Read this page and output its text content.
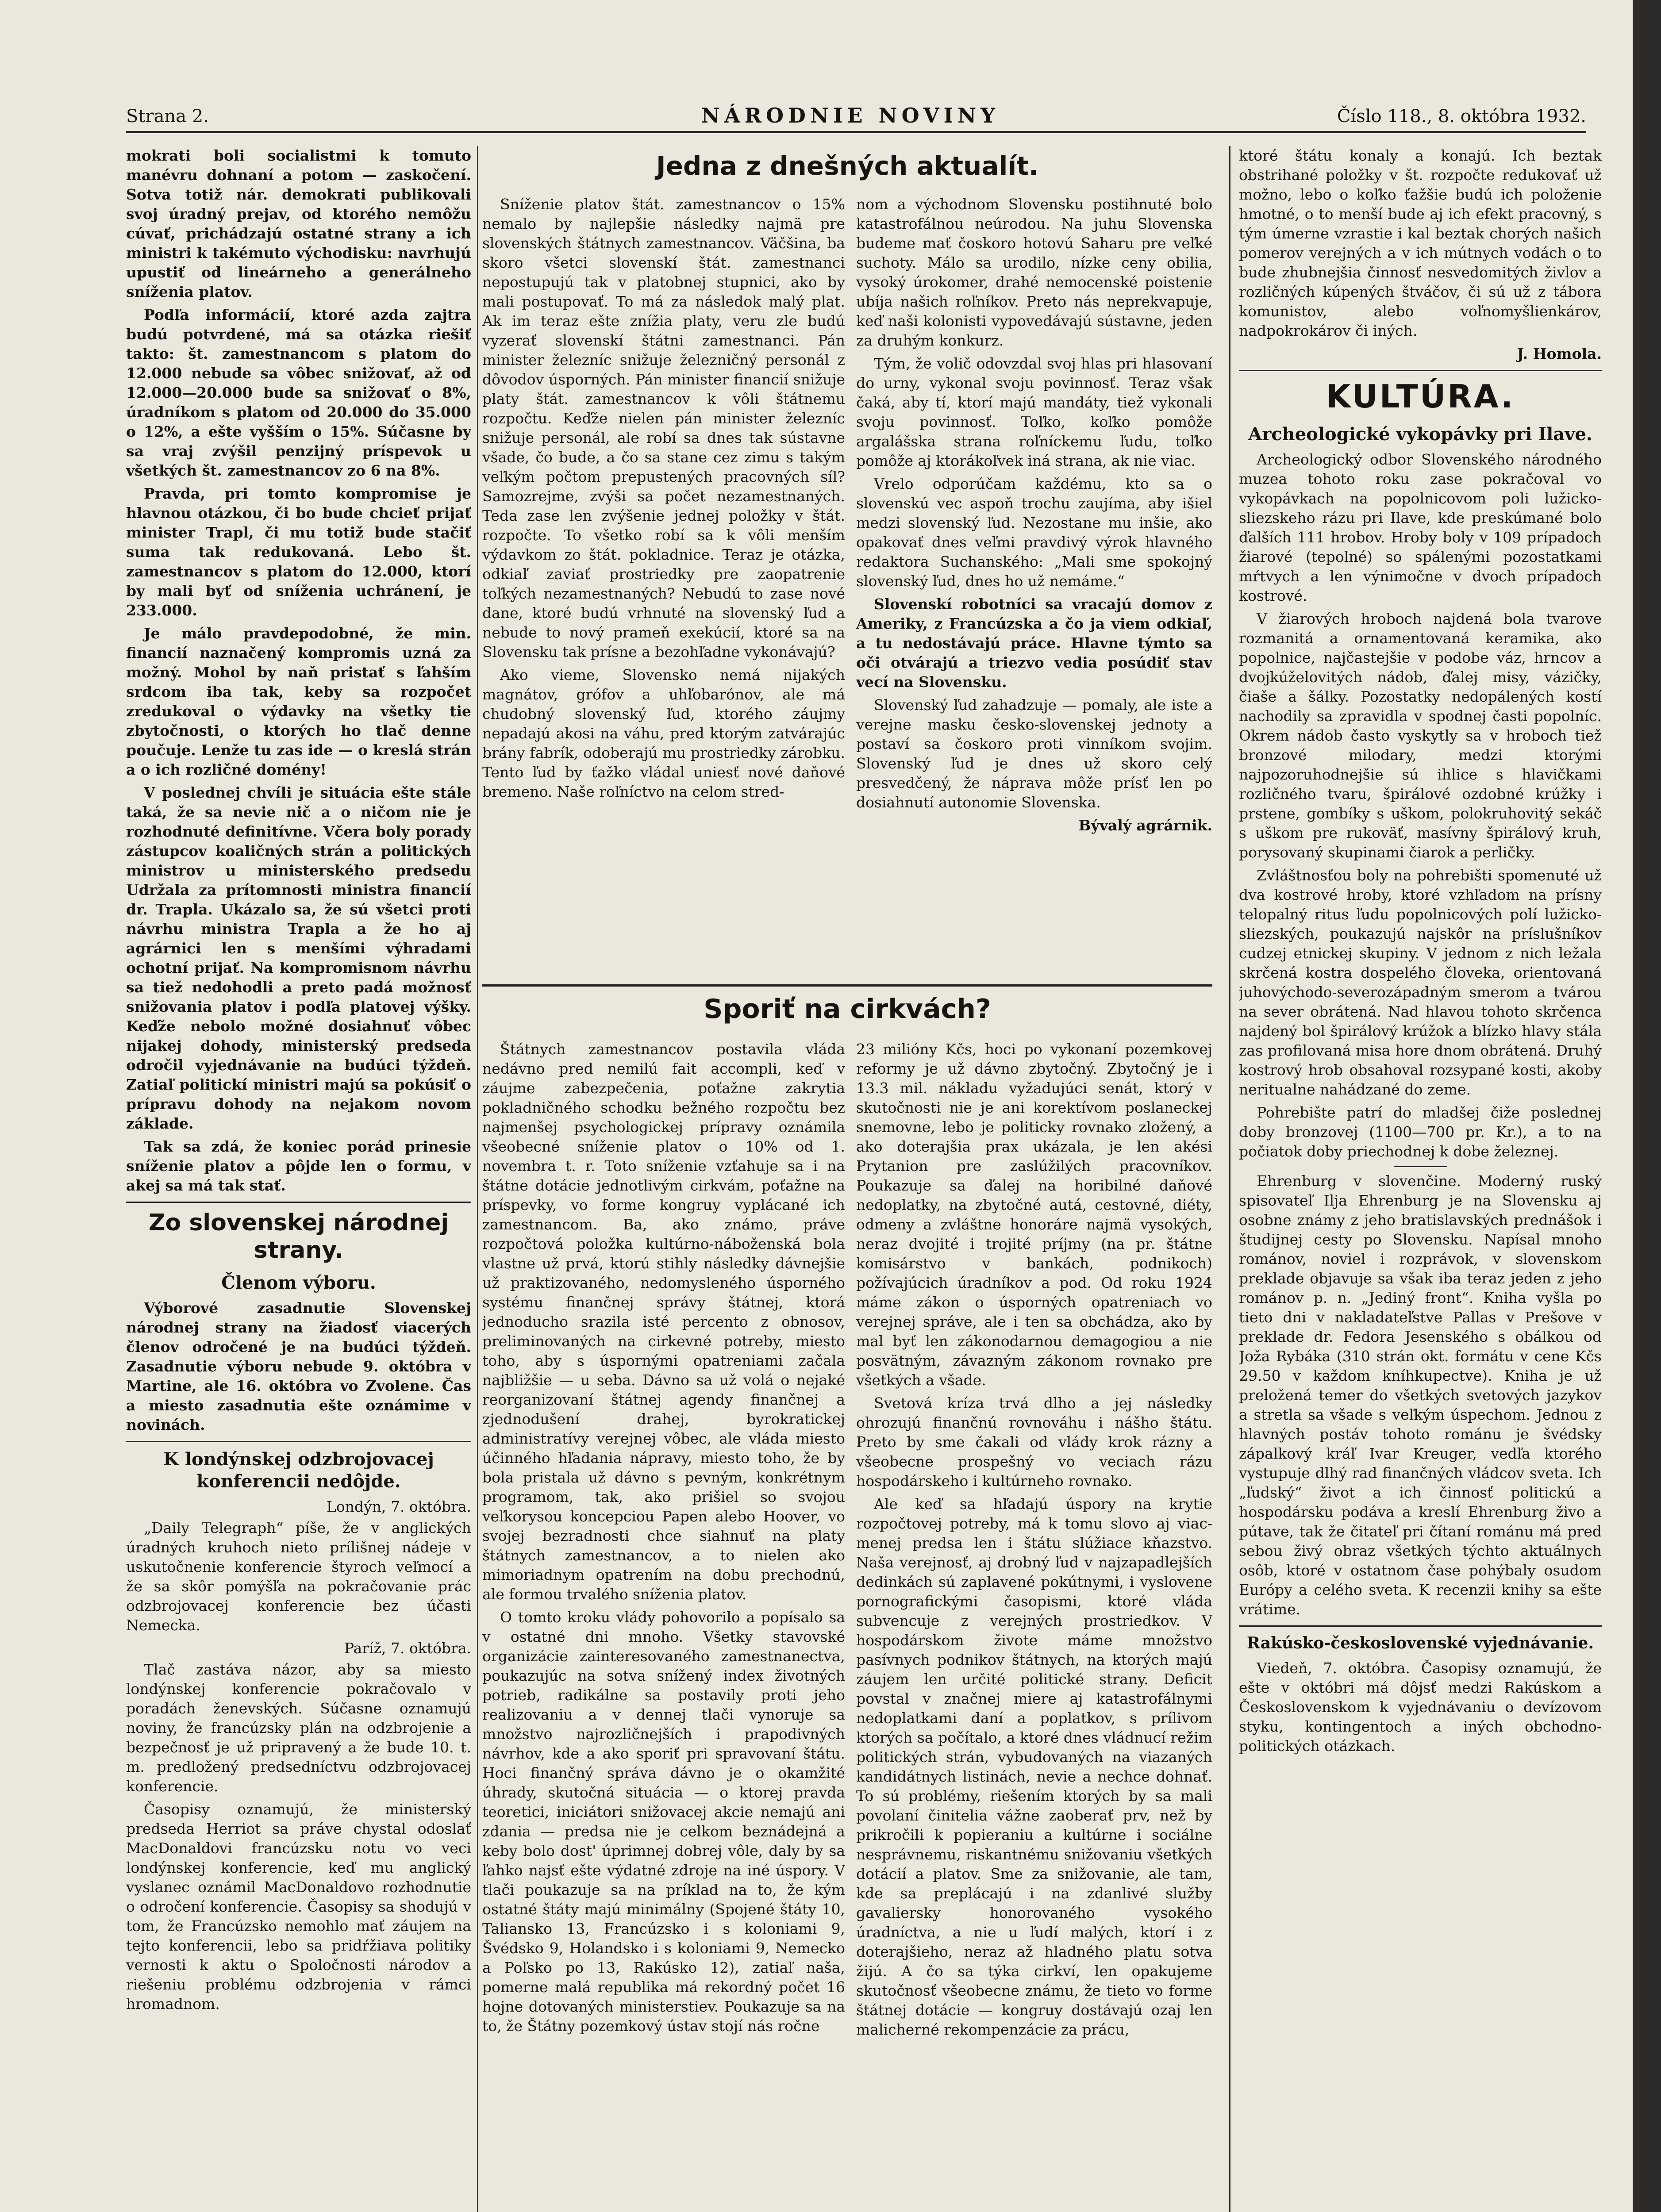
Strana 2.	NÁRODNIE NOVINY	Číslo 118., 8. októbra 1932.

mokrati boli socialistmi k tomuto manévru dohnaní a potom — zaskočení. Sotva totiž nár. demokrati publikovali svoj úradný prejav, od ktorého nemôžu cúvať, prichádzajú ostatné strany a ich ministri k takémuto východisku: navrhujú upustiť od lineárneho a generálneho sníženia platov.

Podľa informácií, ktoré azda zajtra budú potvrdené, má sa otázka riešiť takto: št. zamestnancom s platom do 12.000 nebude sa vôbec snižovať, až od 12.000—20.000 bude sa snižovať o 8%, úradníkom s platom od 20.000 do 35.000 o 12%, a ešte vyšším o 15%. Súčasne by sa vraj zvýšil penzijný príspevok u všetkých št. zamestnancov zo 6 na 8%.

Pravda, pri tomto kompromise je hlavnou otázkou, či bo bude chcieť prijať minister Trapl, či mu totiž bude stačiť suma tak redukovaná. Lebo št. zamestnancov s platom do 12.000, ktorí by mali byť od sníženia uchránení, je 233.000.

Je málo pravdepodobné, že min. financií naznačený kompromis uzná za možný. Mohol by naň pristať s ľahším srdcom iba tak, keby sa rozpočet zredukoval o výdavky na všetky tie zbytočnosti, o ktorých ho tlač denne poučuje. Lenže tu zas ide — o kreslá strán a o ich rozličné domény!

V poslednej chvíli je situácia ešte stále taká, že sa nevie nič a o ničom nie je rozhodnuté definitívne. Včera boly porady zástupcov koaličných strán a politických ministrov u ministerského predsedu Udržala za prítomnosti ministra financií dr. Trapla. Ukázalo sa, že sú všetci proti návrhu ministra Trapla a že ho aj agrárnici len s menšími výhradami ochotní prijať. Na kompromisnom návrhu sa tiež nedohodli a preto padá možnosť snižovania platov i podľa platovej výšky. Keďže nebolo možné dosiahnuť vôbec nijakej dohody, ministerský predseda odročil vyjednávanie na budúci týždeň. Zatiaľ politickí ministri majú sa pokúsiť o prípravu dohody na nejakom novom základe.

Tak sa zdá, že koniec porád prinesie sníženie platov a pôjde len o formu, v akej sa má tak stať.

Zo slovenskej národnej strany.
Členom výboru.

Výborové zasadnutie Slovenskej národnej strany na žiadosť viacerých členov odročené je na budúci týždeň. Zasadnutie výboru nebude 9. októbra v Martine, ale 16. októbra vo Zvolene. Čas a miesto zasadnutia ešte oznámime v novinách.

K londýnskej odzbrojovacej konferencii nedôjde.

Londýn, 7. októbra.

„Daily Telegraph“ píše, že v anglických úradných kruhoch nieto prílišnej nádeje v uskutočnenie konferencie štyroch veľmocí a že sa skôr pomýšľa na pokračovanie prác odzbrojovacej konferencie bez účasti Nemecka.

Paríž, 7. októbra.

Tlač zastáva názor, aby sa miesto londýnskej konferencie pokračovalo v poradách ženevských. Súčasne oznamujú noviny, že francúzsky plán na odzbrojenie a bezpečnosť je už pripravený a že bude 10. t. m. predložený predsedníctvu odzbrojovacej konferencie.

Časopisy oznamujú, že ministerský predseda Herriot sa práve chystal odoslať MacDonaldovi francúzsku notu vo veci londýnskej konferencie, keď mu anglický vyslanec oznámil MacDonaldovo rozhodnutie o odročení konferencie. Časopisy sa shodujú v tom, že Francúzsko nemohlo mať záujem na tejto konferencii, lebo sa pridŕžiava politiky vernosti k aktu o Spoločnosti národov a riešeniu problému odzbrojenia v rámci hromadnom.

Jedna z dnešných aktualít.

Sníženie platov štát. zamestnancov o 15% nemalo by najlepšie následky najmä pre slovenských štátnych zamestnancov. Väčšina, ba skoro všetci slovenskí štát. zamestnanci nepostupujú tak v platobnej stupnici, ako by mali postupovať. To má za následok malý plat. Ak im teraz ešte znížia platy, veru zle budú vyzerať slovenskí štátni zamestnanci. Pán minister železníc snižuje železničný personál z dôvodov úsporných. Pán minister financií snižuje platy štát. zamestnancov k vôli štátnemu rozpočtu. Keďže nielen pán minister železníc snižuje personál, ale robí sa dnes tak sústavne všade, čo bude, a čo sa stane cez zimu s takým veľkým počtom prepustených pracovných síl? Samozrejme, zvýši sa počet nezamestnaných. Teda zase len zvýšenie jednej položky v štát. rozpočte. To všetko robí sa k vôli menším výdavkom zo štát. pokladnice. Teraz je otázka, odkiaľ zaviať prostriedky pre zaopatrenie toľkých nezamestnaných? Nebudú to zase nové dane, ktoré budú vrhnuté na slovenský ľud a nebude to nový prameň exekúcií, ktoré sa na Slovensku tak prísne a bezohľadne vykonávajú?

Ako vieme, Slovensko nemá nijakých magnátov, grófov a uhľobarónov, ale má chudobný slovenský ľud, ktorého záujmy nepadajú akosi na váhu, pred ktorým zatvárajúc brány fabrík, odoberajú mu prostriedky zárobku. Tento ľud by ťažko vládal uniesť nové daňové bremeno. Naše roľníctvo na celom stred-

nom a východnom Slovensku postihnuté bolo katastrofálnou neúrodou. Na juhu Slovenska budeme mať čoskoro hotovú Saharu pre veľké suchoty. Málo sa urodilo, nízke ceny obilia, vysoký úrokomer, drahé nemocenské poistenie ubíja našich roľníkov. Preto nás neprekvapuje, keď naši kolonisti vypovedávajú sústavne, jeden za druhým konkurz.

Tým, že volič odovzdal svoj hlas pri hlasovaní do urny, vykonal svoju povinnosť. Teraz však čaká, aby tí, ktorí majú mandáty, tiež vykonali svoju povinnosť. Toľko, koľko pomôže argalášska strana roľníckemu ľudu, toľko pomôže aj ktorákoľvek iná strana, ak nie viac.

Vrelo odporúčam každému, kto sa o slovenskú vec aspoň trochu zaujíma, aby išiel medzi slovenský ľud. Nezostane mu inšie, ako opakovať dnes veľmi pravdivý výrok hlavného redaktora Suchanského: „Mali sme spokojný slovenský ľud, dnes ho už nemáme.“

Slovenskí robotníci sa vracajú domov z Ameriky, z Francúzska a čo ja viem odkiaľ, a tu nedostávajú práce. Hlavne týmto sa oči otvárajú a triezvo vedia posúdiť stav vecí na Slovensku.

Slovenský ľud zahadzuje — pomaly, ale iste a verejne masku česko-slovenskej jednoty a postaví sa čoskoro proti vinníkom svojim. Slovenský ľud je dnes už skoro celý presvedčený, že náprava môže prísť len po dosiahnutí autonomie Slovenska.

Bývalý agrárnik.

Sporiť na cirkvách?

Štátnych zamestnancov postavila vláda nedávno pred nemilú fait accompli, keď v záujme zabezpečenia, poťažne zakrytia pokladničného schodku bežného rozpočtu bez najmenšej psychologickej prípravy oznámila všeobecné sníženie platov o 10% od 1. novembra t. r. Toto sníženie vzťahuje sa i na štátne dotácie jednotlivým cirkvám, poťažne na príspevky, vo forme kongruy vyplácané ich zamestnancom. Ba, ako známo, práve rozpočtová položka kultúrno-náboženská bola vlastne už prvá, ktorú stihly následky dávnejšie už praktizovaného, nedomysleného úsporného systému finančnej správy štátnej, ktorá jednoducho srazila isté percento z obnosov, preliminovaných na cirkevné potreby, miesto toho, aby s úspornými opatreniami začala najbližšie — u seba. Dávno sa už volá o nejaké reorganizovaní štátnej agendy finančnej a zjednodušení drahej, byrokratickej administratívy verejnej vôbec, ale vláda miesto účinného hľadania nápravy, miesto toho, že by bola pristala už dávno s pevným, konkrétnym programom, tak, ako prišiel so svojou veľkorysou koncepciou Papen alebo Hoover, vo svojej bezradnosti chce siahnuť na platy štátnych zamestnancov, a to nielen ako mimoriadnym opatrením na dobu prechodnú, ale formou trvalého sníženia platov.

O tomto kroku vlády pohovorilo a popísalo sa v ostatné dni mnoho. Všetky stavovské organizácie zainteresovaného zamestnanectva, poukazujúc na sotva snížený index životných potrieb, radikálne sa postavily proti jeho realizovaniu a v dennej tlači vynoruje sa množstvo najrozličnejších i prapodivných návrhov, kde a ako sporiť pri spravovaní štátu. Hoci finančný správa dávno je o okamžité úhrady, skutočná situácia — o ktorej pravda teoretici, iniciátori snižovacej akcie nemajú ani zdania — predsa nie je celkom beznádejná a keby bolo dost' úprimnej dobrej vôle, daly by sa ľahko najsť ešte výdatné zdroje na iné úspory. V tlači poukazuje sa na príklad na to, že kým ostatné štáty majú minimálny (Spojené štáty 10, Taliansko 13, Francúzsko i s koloniami 9, Švédsko 9, Holandsko i s koloniami 9, Nemecko a Poľsko po 13, Rakúsko 12), zatiaľ naša, pomerne malá republika má rekordný počet 16 hojne dotovaných ministerstiev. Poukazuje sa na to, že Štátny pozemkový ústav stojí nás ročne

23 milióny Kčs, hoci po vykonaní pozemkovej reformy je už dávno zbytočný. Zbytočný je i 13.3 mil. nákladu vyžadujúci senát, ktorý v skutočnosti nie je ani korektívom poslaneckej snemovne, lebo je politicky rovnako zložený, a ako doterajšia prax ukázala, je len akési Prytanion pre zaslúžilých pracovníkov. Poukazuje sa ďalej na horibilné daňové nedoplatky, na zbytočné autá, cestovné, diéty, odmeny a zvláštne honoráre najmä vysokých, neraz dvojité i trojité príjmy (na pr. štátne komisárstvo v bankách, podnikoch) požívajúcich úradníkov a pod. Od roku 1924 máme zákon o úsporných opatreniach vo verejnej správe, ale i ten sa obchádza, ako by mal byť len zákonodarnou demagogiou a nie posvätným, závazným zákonom rovnako pre všetkých a všade.

Svetová kríza trvá dlho a jej následky ohrozujú finančnú rovnováhu i nášho štátu. Preto by sme čakali od vlády krok rázny a všeobecne prospešný vo veciach rázu hospodárskeho i kultúrneho rovnako.

Ale keď sa hľadajú úspory na krytie rozpočtovej potreby, má k tomu slovo aj viac-menej predsa len i štátu slúžiace kňazstvo. Naša verejnosť, aj drobný ľud v najzapadlejších dedinkách sú zaplavené pokútnymi, i vyslovene pornografickými časopismi, ktoré vláda subvencuje z verejných prostriedkov. V hospodárskom živote máme množstvo pasívnych podnikov štátnych, na ktorých majú záujem len určité politické strany. Deficit povstal v značnej miere aj katastrofálnymi nedoplatkami daní a poplatkov, s prílivom ktorých sa počítalo, a ktoré dnes vládnucí režim politických strán, vybudovaných na viazaných kandidátnych listinách, nevie a nechce dohnať. To sú problémy, riešením ktorých by sa mali povolaní činitelia vážne zaoberať prv, než by prikročili k popieraniu a kultúrne i sociálne nesprávnemu, riskantnému snižovaniu všetkých dotácií a platov. Sme za snižovanie, ale tam, kde sa preplácajú i na zdanlivé služby gavaliersky honorovaného vysokého úradníctva, a nie u ľudí malých, ktorí i z doterajšieho, neraz až hladného platu sotva žijú. A čo sa týka cirkví, len opakujeme skutočnosť všeobecne známu, že tieto vo forme štátnej dotácie — kongruy dostávajú ozaj len malicherné rekompenzácie za prácu,

ktoré štátu konaly a konajú. Ich beztak obstrihané položky v št. rozpočte redukovať už možno, lebo o koľko ťažšie budú ich položenie hmotné, o to menší bude aj ich efekt pracovný, s tým úmerne vzrastie i kal beztak chorých našich pomerov verejných a v ich mútnych vodách o to bude zhubnejšia činnosť nesvedomitých živlov a rozličných kúpených štváčov, či sú už z tábora komunistov, alebo voľnomyšlienkárov, nadpokrokárov či iných.

J. Homola.

KULTÚRA.
Archeologické vykopávky pri Ilave.

Archeologický odbor Slovenského národného muzea tohoto roku zase pokračoval vo vykopávkach na popolnicovom poli lužicko-sliezskeho rázu pri Ilave, kde preskúmané bolo ďalších 111 hrobov. Hroby boly v 109 prípadoch žiarové (tepolné) so spálenými pozostatkami mŕtvych a len výnimočne v dvoch prípadoch kostrové.

V žiarových hroboch najdená bola tvarove rozmanitá a ornamentovaná keramika, ako popolnice, najčastejšie v podobe váz, hrncov a dvojkúželovitých nádob, ďalej misy, vázičky, čiaše a šálky. Pozostatky nedopálených kostí nachodily sa zpravidla v spodnej časti popolníc. Okrem nádob často vyskytly sa v hroboch tiež bronzové milodary, medzi ktorými najpozoruhodnejšie sú ihlice s hlavičkami rozličného tvaru, špirálové ozdobné krúžky i prstene, gombíky s uškom, polokruhovitý sekáč s uškom pre rukoväť, masívny špirálový kruh, porysovaný skupinami čiarok a perličky.

Zvláštnosťou boly na pohrebišti spomenuté už dva kostrové hroby, ktoré vzhľadom na prísny telopalný ritus ľudu popolnicových polí lužicko-sliezských, poukazujú najskôr na príslušníkov cudzej etnickej skupiny. V jednom z nich ležala skrčená kostra dospelého človeka, orientovaná juhovýchodo-severozápadným smerom a tvárou na sever obrátená. Nad hlavou tohoto skrčenca najdený bol špirálový krúžok a blízko hlavy stála zas profilovaná misa hore dnom obrátená. Druhý kostrový hrob obsahoval rozsypané kosti, akoby neritualne nahádzané do zeme.

Pohrebište patrí do mladšej čiže poslednej doby bronzovej (1100—700 pr. Kr.), a to na počiatok doby priechodnej k dobe železnej.

Ehrenburg v slovenčine. Moderný ruský spisovateľ Ilja Ehrenburg je na Slovensku aj osobne známy z jeho bratislavských prednášok i študijnej cesty po Slovensku. Napísal mnoho románov, noviel i rozprávok, v slovenskom preklade objavuje sa však iba teraz jeden z jeho románov p. n. „Jediný front“. Kniha vyšla po tieto dni v nakladateľstve Pallas v Prešove v preklade dr. Fedora Jesenského s obálkou od Joža Rybáka (310 strán okt. formátu v cene Kčs 29.50 v každom kníhkupectve). Kniha je už preložená temer do všetkých svetových jazykov a stretla sa všade s veľkým úspechom. Jednou z hlavných postáv tohoto románu je švédsky zápalkový kráľ Ivar Kreuger, vedľa ktorého vystupuje dlhý rad finančných vládcov sveta. Ich „ľudský“ život a ich činnosť politickú a hospodársku podáva a kreslí Ehrenburg živo a pútave, tak že čitateľ pri čítaní románu má pred sebou živý obraz všetkých týchto aktuálnych osôb, ktoré v ostatnom čase pohýbaly osudom Európy a celého sveta. K recenzii knihy sa ešte vrátime.

Rakúsko-československé vyjednávanie.

Viedeň, 7. októbra. Časopisy oznamujú, že ešte v októbri má dôjsť medzi Rakúskom a Československom k vyjednávaniu o devízovom styku, kontingentoch a iných obchodno-politických otázkach.
